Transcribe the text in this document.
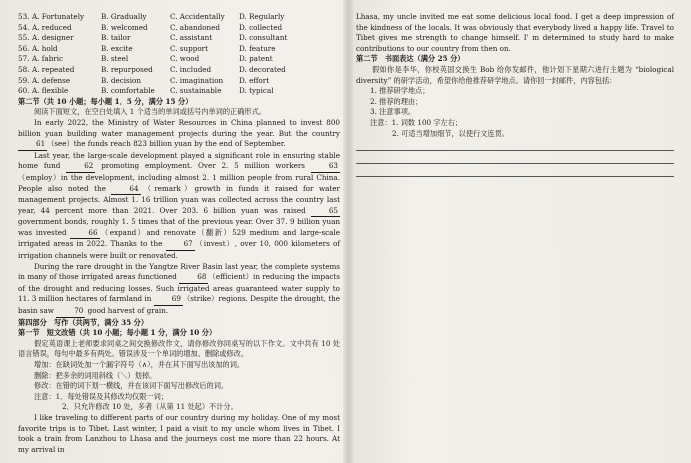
53. A. Fortunately	B. Gradually	C. Accidentally	D. Regularly
54. A. reduced	B. welcomed	C. abandoned	D. collected
55. A. designer	B. tailor	C. assistant	D. consultant
56. A. hold	B. excite	C. support	D. feature
57. A. fabric	B. steel	C. wood	D. patent
58. A. repeated	B. repurposed	C. included	D. decorated
59. A. defense	B. decision	C. imagination	D. effort
60. A. flexible	B. comfortable	C. sustainable	D. typical
第二节（共 10 小题；每小题 1．5 分，满分 15 分）

阅读下面短文，在空白处填入 1 个适当的单词或括号内单词的正确形式。

In early 2022, the Ministry of Water Resources in China planned to invest 800 billion yuan building water management projects during the year. But the country 61 （see）the funds reach 823 billion yuan by the end of September.

Last year, the large-scale development played a significant role in ensuring stable home fund	62 promoting employment. Over 2. 5 million workers	63（employ）in the development, including almost 2. 1 million people from rural China. People also noted the	64 （remark）growth in funds it raised for water management projects. Almost 1. 16 trillion yuan was collected across the country last year, 44 percent more than 2021. Over 203. 6 billion yuan was raised	65 government bonds, roughly 1. 5 times that of the previous year. Over 37. 9 billion yuan was invested	66 （expand）and renovate（翻新）529 medium and large-scale irrigated areas in 2022. Thanks to the	67 （invest）, over 10, 000 kilometers of irrigation channels were built or renovated.

During the rare drought in the Yangtze River Basin last year, the complete systems in many of those irrigated areas functioned	68 （efficient）in reducing the impacts of the drought and reducing losses. Such irrigated areas guaranteed water supply to 11. 3 million hectares of farmland in	69 （strike）regions. Despite the drought, the basin saw	70 good harvest of grain.

第四部分　写作（共两节，满分 35 分）
第一节　短文改错（共 10 小题；每小题 1 分，满分 10 分）

假定英语课上老师要求同桌之间交换修改作文，请你修改你同桌写的以下作文。文中共有 10 处语言错误，每句中最多有两处。错误涉及一个单词的增加、删除或修改。

增加：在缺词处加一个漏字符号（∧），并在其下面写出该加的词。

删除：把多余的词用斜线（＼）划掉。

修改：在错的词下划一横线，并在该词下面写出修改后的词。

注意：1．每处错误及其修改均仅限一词；

2．只允许修改 10 处，多者（从第 11 处起）不计分。

I like traveling to different parts of our country during my holiday. One of my most favorite trips is to Tibet. Last winter, I paid a visit to my uncle whom lives in Tibet. I took a train from Lanzhou to Lhasa and the journeys cost me more than 22 hours. At my arrival in

Lhasa, my uncle invited me eat some delicious local food. I get a deep impression of the kindness of the locals. It was obviously that everybody lived a happy life. Travel to Tibet gives me strength to change himself. I' m determined to study hard to make contributions to our country from then on.

第二节　书面表达（满分 25 分）

假如你是李华，你校英国交换生 Bob 给你发邮件，他计划下星期六进行主题为 “biological diversity” 的研学活动，希望你给他推荐研学地点。请你回一封邮件，内容包括：

1. 推荐研学地点；
2. 推荐的理由；
3. 注意事项。
注意：1. 词数 100 字左右；
2. 可适当增加细节，以使行文连贯。
